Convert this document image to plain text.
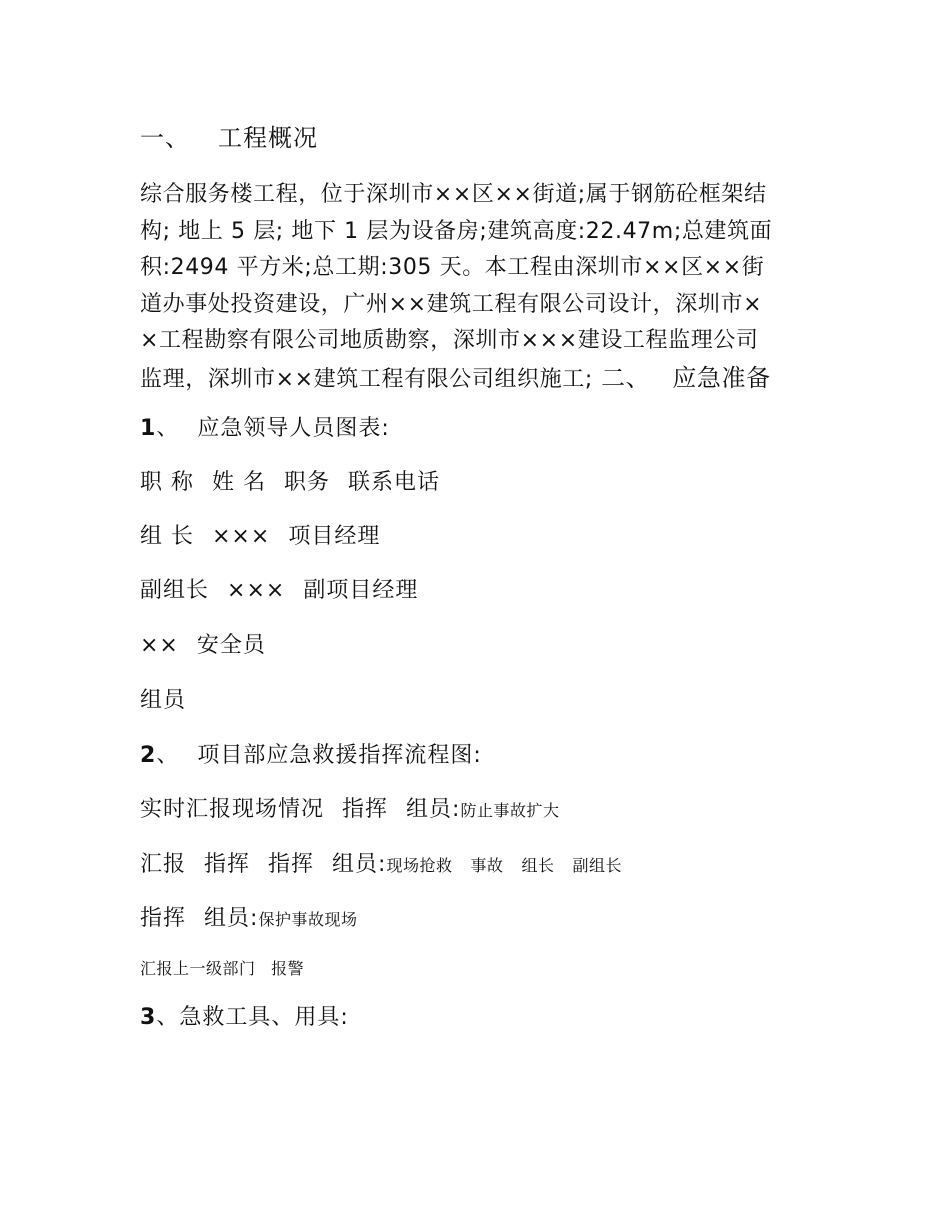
一、 工程概况
综合服务楼工程，位于深圳市××区××街道;属于钢筋砼框架结
构; 地上 5 层; 地下 1 层为设备房;建筑高度:22.47m;总建筑面
积:2494 平方米;总工期:305 天。本工程由深圳市××区××街
道办事处投资建设，广州××建筑工程有限公司设计，深圳市×
×工程勘察有限公司地质勘察，深圳市×××建设工程监理公司
监理，深圳市××建筑工程有限公司组织施工; 二、 应急准备
1、 应急领导人员图表:
职 称 姓 名 职务 联系电话
组 长 ××× 项目经理
副组长 ××× 副项目经理
×× 安全员
组员
2、 项目部应急救援指挥流程图:
实时汇报现场情况 指挥 组员:防止事故扩大
汇报 指挥 指挥 组员:现场抢救 事故 组长 副组长
指挥 组员:保护事故现场
汇报上一级部门 报警
3、急救工具、用具:
